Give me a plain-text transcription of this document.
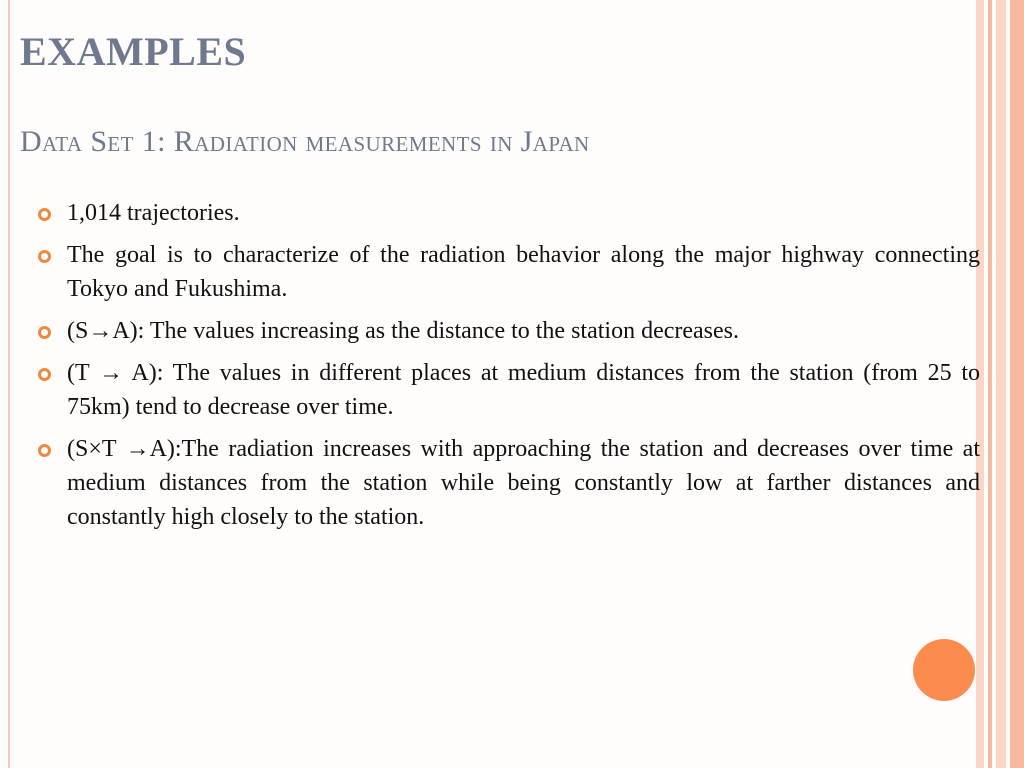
EXAMPLES
Data Set 1: Radiation measurements in Japan
1,014 trajectories.
The goal is to characterize of the radiation behavior along the major highway connecting Tokyo and Fukushima.
(S→A): The values increasing as the distance to the station decreases.
(T → A): The values in different places at medium distances from the station (from 25 to 75km) tend to decrease over time.
(S×T →A):The radiation increases with approaching the station and decreases over time at medium distances from the station while being constantly low at farther distances and constantly high closely to the station.
